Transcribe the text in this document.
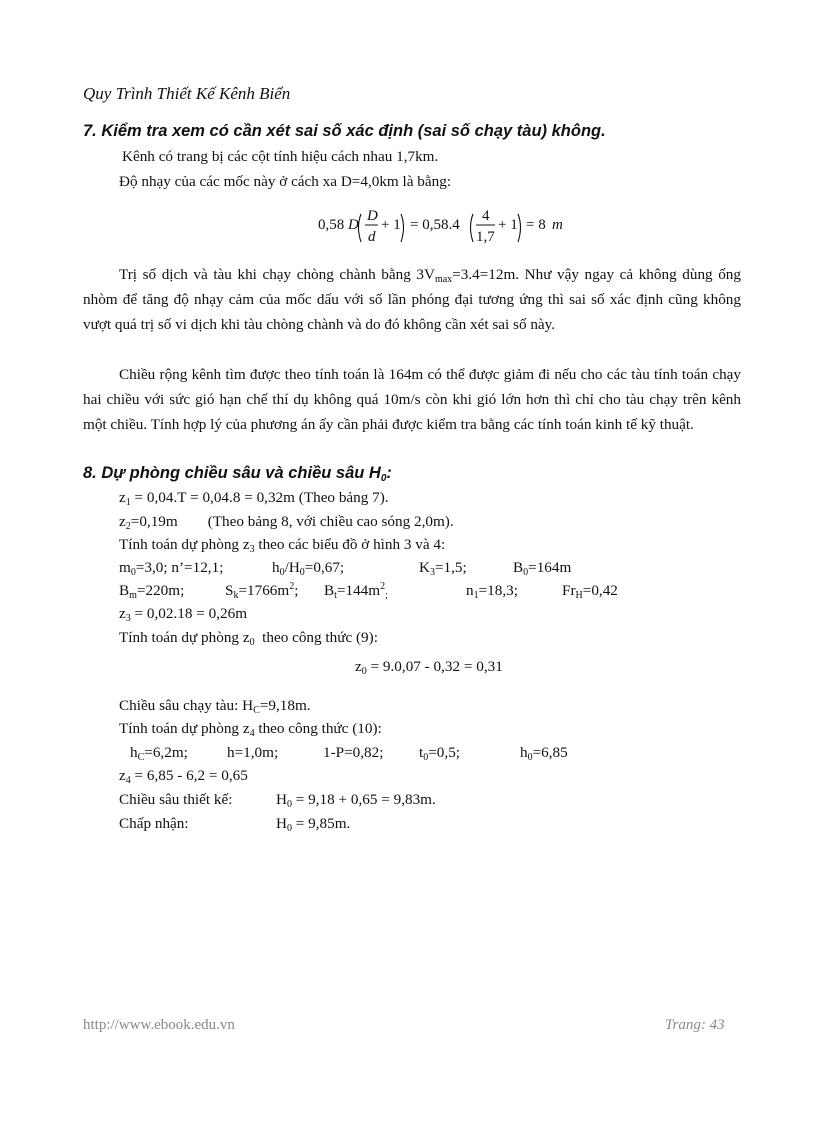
Quy Trình Thiết Kế Kênh Biển
7. Kiểm tra xem có cần xét sai số xác định (sai số chạy tàu) không.
Kênh có trang bị các cột tính hiệu cách nhau 1,7km.
Độ nhạy của các mốc này ở cách xa D=4,0km là bằng:
0,58 D
D
d
+ 1 = 0,58.4
4
1,7
+ 1 = 8 m
Trị số dịch và tàu khi chạy chòng chành bằng $3V_{max}=3.4=12m$. Như vậy ngay cả không dùng ống nhòm để tăng độ nhạy cảm của mốc dấu với số lần phóng đại tương ứng thì sai số xác định cũng không vượt quá trị số vi dịch khi tàu chòng chành và do đó không cần xét sai số này.
Chiều rộng kênh tìm được theo tính toán là 164m có thể được giảm đi nếu cho các tàu tính toán chạy hai chiều với sức gió hạn chế thí dụ không quá 10m/s còn khi gió lớn hơn thì chỉ cho tàu chạy trên kênh một chiều. Tính hợp lý của phương án ấy cần phải được kiểm tra bằng các tính toán kinh tế kỹ thuật.
8. Dự phòng chiều sâu và chiều sâu $H_0$:
$z_1 = 0,04.T = 0,04.8 = 0,32m$ (Theo bảng 7).
$z_2=0,19m$ (Theo bảng 8, với chiều cao sóng 2,0m).
Tính toán dự phòng $z_3$ theo các biểu đồ ở hình 3 và 4:
$m_0=3,0$; n’=12,1;	$h_0/H_0=0,67$;	$K_3=1,5$;	$B_0=164m$
$B_m=220m$;	$S_k=1766m^2$; $B_t=144m^2_;$	$n_1=18,3$;	$Fr_H=0,42$
$z_3 = 0,02.18 = 0,26m$
Tính toán dự phòng $z_0$ theo công thức (9):
$z_0 = 9.0,07 - 0,32 = 0,31$
Chiều sâu chạy tàu: $H_C=9,18m$.
Tính toán dự phòng $z_4$ theo công thức (10):
$h_C=6,2m$;	h=1,0m;	1-P=0,82; $t_0=0,5$;	$h_0=6,85$
$z_4 = 6,85 - 6,2 = 0,65$
Chiều sâu thiết kế:	$H_0 = 9,18 + 0,65 = 9,83m$.
Chấp nhận:	$H_0 = 9,85m$.
http://www.ebook.edu.vn	Trang: 43
